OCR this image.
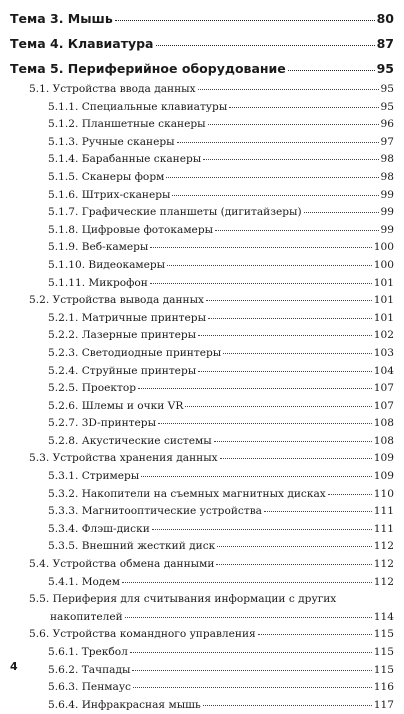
Тема 3. Мышь	80
Тема 4. Клавиатура	87
Тема 5. Периферийное оборудование	95
5.1. Устройства ввода данных	95
5.1.1. Специальные клавиатуры	95
5.1.2. Планшетные сканеры	96
5.1.3. Ручные сканеры	97
5.1.4. Барабанные сканеры	98
5.1.5. Сканеры форм	98
5.1.6. Штрих-сканеры	99
5.1.7. Графические планшеты (дигитайзеры)	99
5.1.8. Цифровые фотокамеры	99
5.1.9. Веб-камеры	100
5.1.10. Видеокамеры	100
5.1.11. Микрофон	101
5.2. Устройства вывода данных	101
5.2.1. Матричные принтеры	101
5.2.2. Лазерные принтеры	102
5.2.3. Светодиодные принтеры	103
5.2.4. Струйные принтеры	104
5.2.5. Проектор	107
5.2.6. Шлемы и очки VR	107
5.2.7. 3D-принтеры	108
5.2.8. Акустические системы	108
5.3. Устройства хранения данных	109
5.3.1. Стримеры	109
5.3.2. Накопители на съемных магнитных дисках	110
5.3.3. Магнитооптические устройства	111
5.3.4. Флэш-диски	111
5.3.5. Внешний жесткий диск	112
5.4. Устройства обмена данными	112
5.4.1. Модем	112
5.5. Периферия для считывания информации с других
накопителей	114
5.6. Устройства командного управления	115
5.6.1. Трекбол	115
5.6.2. Тачпады	115
5.6.3. Пенмаус	116
5.6.4. Инфракрасная мышь	117
4
